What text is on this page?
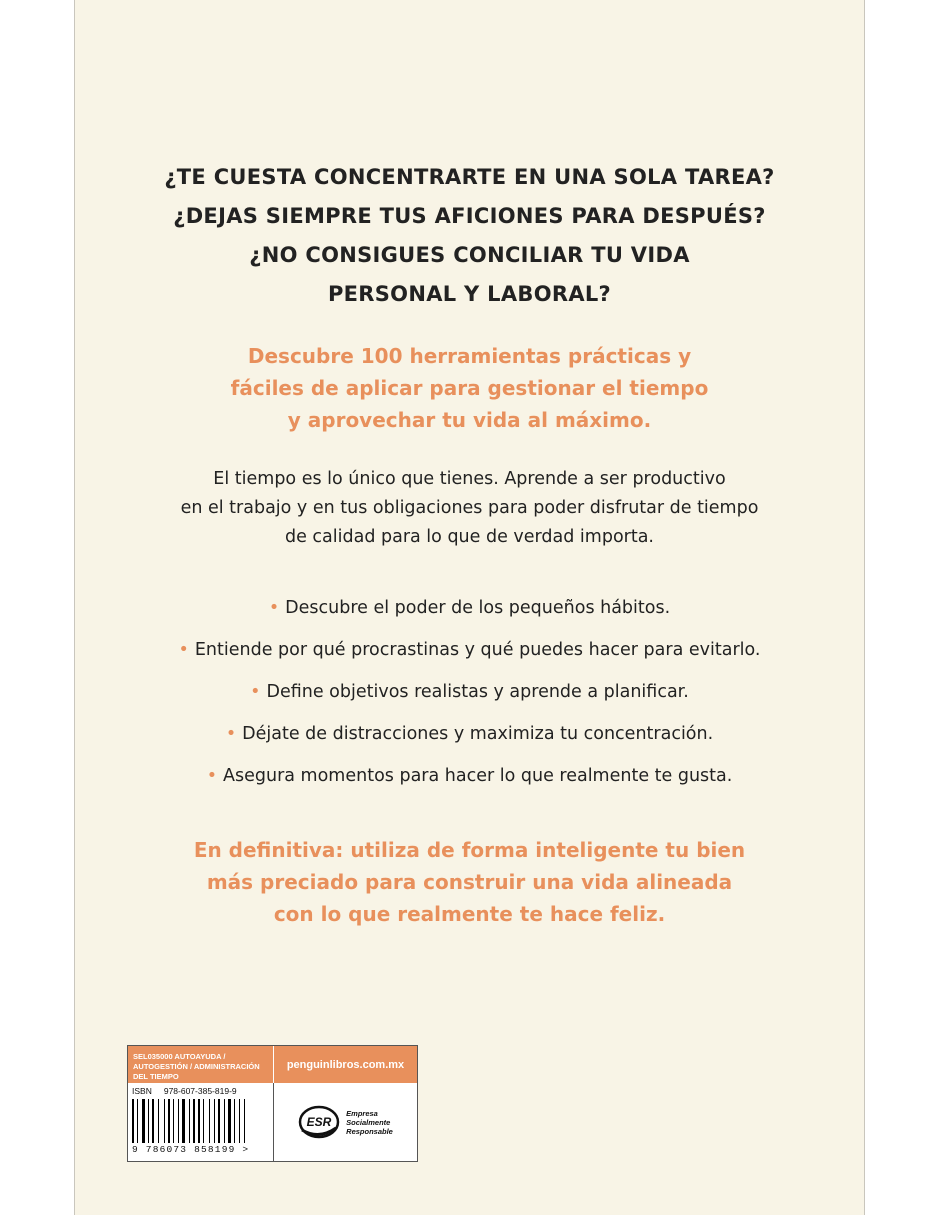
¿TE CUESTA CONCENTRARTE EN UNA SOLA TAREA?

¿DEJAS SIEMPRE TUS AFICIONES PARA DESPUÉS?

¿NO CONSIGUES CONCILIAR TU VIDA

PERSONAL Y LABORAL?

Descubre 100 herramientas prácticas y

fáciles de aplicar para gestionar el tiempo

y aprovechar tu vida al máximo.

El tiempo es lo único que tienes. Aprende a ser productivo

en el trabajo y en tus obligaciones para poder disfrutar de tiempo

de calidad para lo que de verdad importa.

• Descubre el poder de los pequeños hábitos.

• Entiende por qué procrastinas y qué puedes hacer para evitarlo.

• Define objetivos realistas y aprende a planificar.

• Déjate de distracciones y maximiza tu concentración.

• Asegura momentos para hacer lo que realmente te gusta.

En definitiva: utiliza de forma inteligente tu bien

más preciado para construir una vida alineada

con lo que realmente te hace feliz.

SEL035000 AUTOAYUDA / AUTOGESTIÓN / ADMINISTRACIÓN DEL TIEMPO
penguinlibros.com.mx
ISBN 978-607-385-819-9
9 786073 858199 >
ESR
Empresa
Socialmente
Responsable
